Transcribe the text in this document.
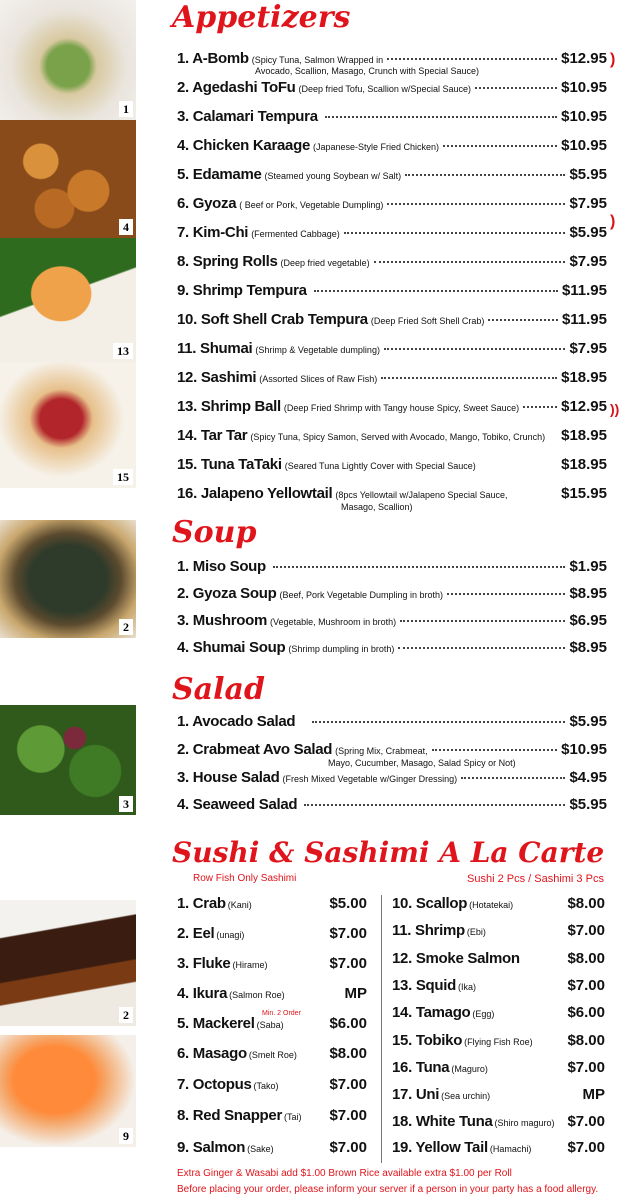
1
4
13
15
2
3
2
9
Appetizers
1. A-Bomb (Spicy Tuna, Salmon Wrapped in	$12.95
Avocado, Scallion, Masago, Crunch with Special Sauce)
)
2. Agedashi ToFu (Deep fried Tofu, Scallion w/Special Sauce)	$10.95
3. Calamari Tempura	$10.95
4. Chicken Karaage (Japanese-Style Fried Chicken)	$10.95
5. Edamame (Steamed young Soybean w/ Salt)	$5.95
6. Gyoza ( Beef or Pork, Vegetable Dumpling)	$7.95
)
7. Kim-Chi (Fermented Cabbage)	$5.95
8. Spring Rolls (Deep fried vegetable)	$7.95
9. Shrimp Tempura	$11.95
10. Soft Shell Crab Tempura (Deep Fried Soft Shell Crab)	$11.95
11. Shumai (Shrimp & Vegetable dumpling)	$7.95
12. Sashimi (Assorted Slices of Raw Fish)	$18.95
13. Shrimp Ball (Deep Fried Shrimp with Tangy house Spicy, Sweet Sauce)	$12.95 ))
14. Tar Tar (Spicy Tuna, Spicy Samon, Served with Avocado, Mango, Tobiko, Crunch) $18.95
15. Tuna TaTaki (Seared Tuna Lightly Cover with Special Sauce)	$18.95
16. Jalapeno Yellowtail (8pcs Yellowtail w/Jalapeno Special Sauce,	$15.95
Masago, Scallion)
Soup
1. Miso Soup	$1.95
2. Gyoza Soup (Beef, Pork Vegetable Dumpling in broth)	$8.95
3. Mushroom (Vegetable, Mushroom in broth)	$6.95
4. Shumai Soup (Shrimp dumpling in broth)	$8.95
Salad
1. Avocado Salad	$5.95
2. Crabmeat Avo Salad (Spring Mix, Crabmeat,	$10.95
Mayo, Cucumber, Masago, Salad Spicy or Not)
3. House Salad (Fresh Mixed Vegetable w/Ginger Dressing)	$4.95
4. Seaweed Salad	$5.95
Sushi & Sashimi A La Carte
Row Fish Only Sashimi	Sushi 2 Pcs / Sashimi 3 Pcs
1. Crab (Kani)	$5.00
2. Eel (unagi)	$7.00
3. Fluke (Hirame)	$7.00
4. Ikura (Salmon Roe)	MP
Min. 2 Order
5. Mackerel (Saba)	$6.00
6. Masago (Smelt Roe) $8.00
7. Octopus (Tako)	$7.00
8. Red Snapper (Tai) $7.00
9. Salmon (Sake)	$7.00
10. Scallop (Hotatekai)	$8.00
11. Shrimp (Ebi)	$7.00
12. Smoke Salmon	$8.00
13. Squid (Ika)	$7.00
14. Tamago (Egg)	$6.00
15. Tobiko (Flying Fish Roe) $8.00
16. Tuna (Maguro)	$7.00
17. Uni (Sea urchin)	MP
18. White Tuna (Shiro maguro) $7.00
19. Yellow Tail (Hamachi) $7.00
Extra Ginger & Wasabi add $1.00 Brown Rice available extra $1.00 per Roll
Before placing your order, please inform your server if a person in your party has a food allergy.
